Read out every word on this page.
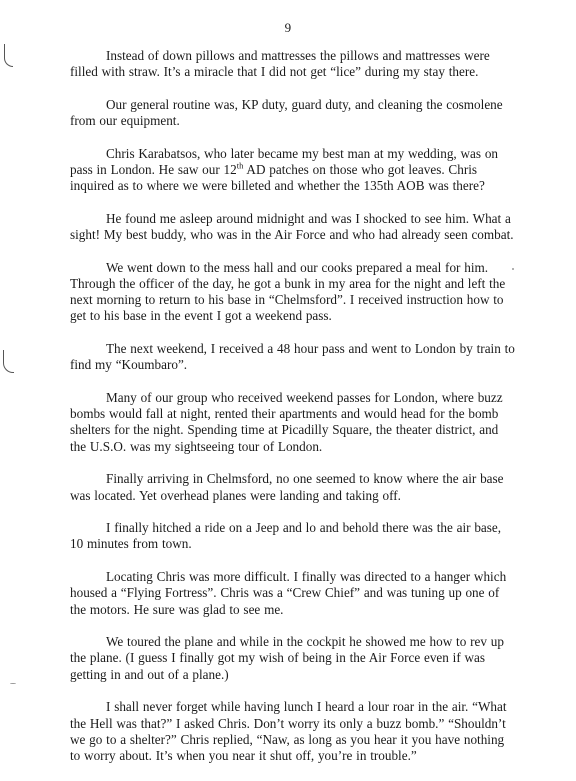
9

Instead of down pillows and mattresses the pillows and mattresses were filled with straw. It’s a miracle that I did not get “lice” during my stay there.

Our general routine was, KP duty, guard duty, and cleaning the cosmolene from our equipment.

Chris Karabatsos, who later became my best man at my wedding, was on pass in London. He saw our 12th AD patches on those who got leaves. Chris inquired as to where we were billeted and whether the 135th AOB was there?

He found me asleep around midnight and was I shocked to see him. What a sight! My best buddy, who was in the Air Force and who had already seen combat.

We went down to the mess hall and our cooks prepared a meal for him. Through the officer of the day, he got a bunk in my area for the night and left the next morning to return to his base in “Chelmsford”. I received instruction how to get to his base in the event I got a weekend pass.

The next weekend, I received a 48 hour pass and went to London by train to find my “Koumbaro”.

Many of our group who received weekend passes for London, where buzz bombs would fall at night, rented their apartments and would head for the bomb shelters for the night. Spending time at Picadilly Square, the theater district, and the U.S.O. was my sightseeing tour of London.

Finally arriving in Chelmsford, no one seemed to know where the air base was located. Yet overhead planes were landing and taking off.

I finally hitched a ride on a Jeep and lo and behold there was the air base, 10 minutes from town.

Locating Chris was more difficult. I finally was directed to a hanger which housed a “Flying Fortress”. Chris was a “Crew Chief” and was tuning up one of the motors. He sure was glad to see me.

We toured the plane and while in the cockpit he showed me how to rev up the plane. (I guess I finally got my wish of being in the Air Force even if was getting in and out of a plane.)

I shall never forget while having lunch I heard a lour roar in the air. “What the Hell was that?” I asked Chris. Don’t worry its only a buzz bomb.” “Shouldn’t we go to a shelter?” Chris replied, “Naw, as long as you hear it you have nothing to worry about. It’s when you near it shut off, you’re in trouble.”
